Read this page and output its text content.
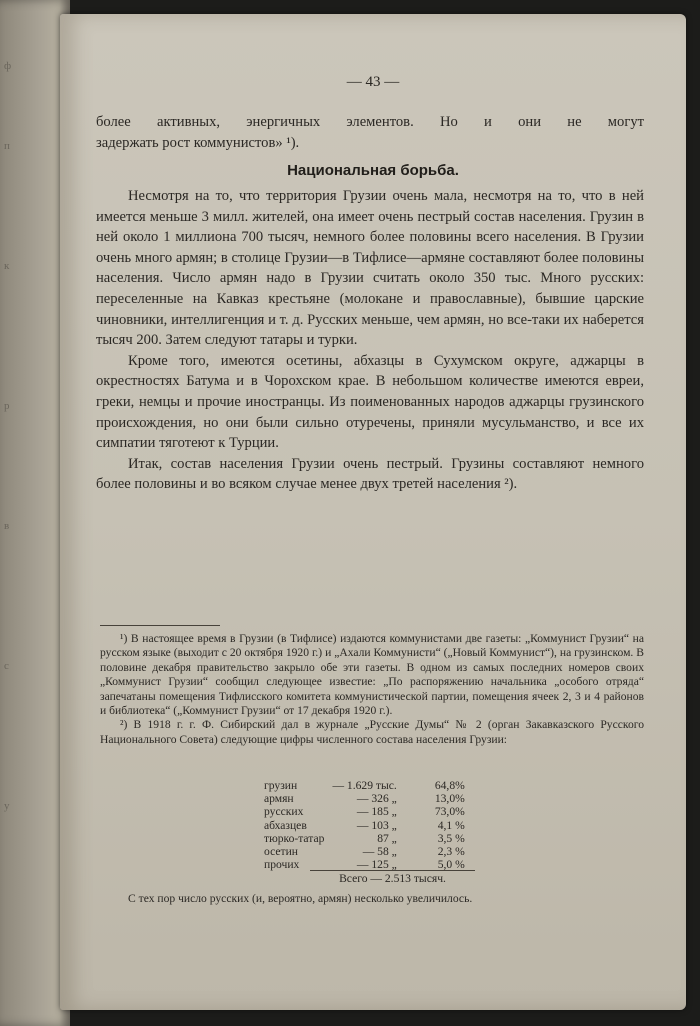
ф
п
к
р
в
с
у
— 43 —

более активных, энергичных элементов. Но и они не могут

задержать рост коммунистов» ¹).

Национальная борьба.

Несмотря на то, что территория Грузии очень мала, несмотря на то, что в ней имеется меньше 3 милл. жителей, она имеет очень пестрый состав населения. Грузин в ней около 1 миллиона 700 тысяч, немного более половины всего населения. В Грузии очень много армян; в столице Грузии—в Тифлисе—армяне составляют более половины населения. Число армян надо в Грузии считать около 350 тыс. Много русских: переселенные на Кавказ крестьяне (молокане и православные), бывшие царские чиновники, интеллигенция и т. д. Русских меньше, чем армян, но все-таки их наберется тысяч 200. Затем следуют татары и турки.

Кроме того, имеются осетины, абхазцы в Сухумском округе, аджарцы в окрестностях Батума и в Чорохском крае. В небольшом количестве имеются евреи, греки, немцы и прочие иностранцы. Из поименованных народов аджарцы грузинского происхождения, но они были сильно отуречены, приняли мусульманство, и все их симпатии тяготеют к Турции.

Итак, состав населения Грузии очень пестрый. Грузины составляют немного более половины и во всяком случае менее двух третей населения ²).

¹) В настоящее время в Грузии (в Тифлисе) издаются коммунистами две газеты: „Коммунист Грузии“ на русском языке (выходит с 20 октября 1920 г.) и „Ахали Коммунисти“ („Новый Коммунист“), на грузинском. В половине декабря правительство закрыло обе эти газеты. В одном из самых последних номеров своих „Коммунист Грузии“ сообщил следующее известие: „По распоряжению начальника „особого отряда“ запечатаны помещения Тифлисского комитета коммунистической партии, помещения ячеек 2, 3 и 4 районов и библиотека“ („Коммунист Грузии“ от 17 декабря 1920 г.).

²) В 1918 г. г. Ф. Сибирский дал в журнале „Русские Думы“ № 2 (орган Закавказского Русского Национального Совета) следующие цифры численного состава населения Грузии:

грузин	— 1.629 тыс.	64,8%
армян	— 326 „	13,0%
русских	— 185 „	73,0%
абхазцев	— 103 „	4,1 %
тюрко-татар	87 „	3,5 %
осетин	— 58 „	2,3 %
прочих	— 125 „	5,0 %
Всего — 2.513 тысяч.
С тех пор число русских (и, вероятно, армян) несколько увеличилось.
